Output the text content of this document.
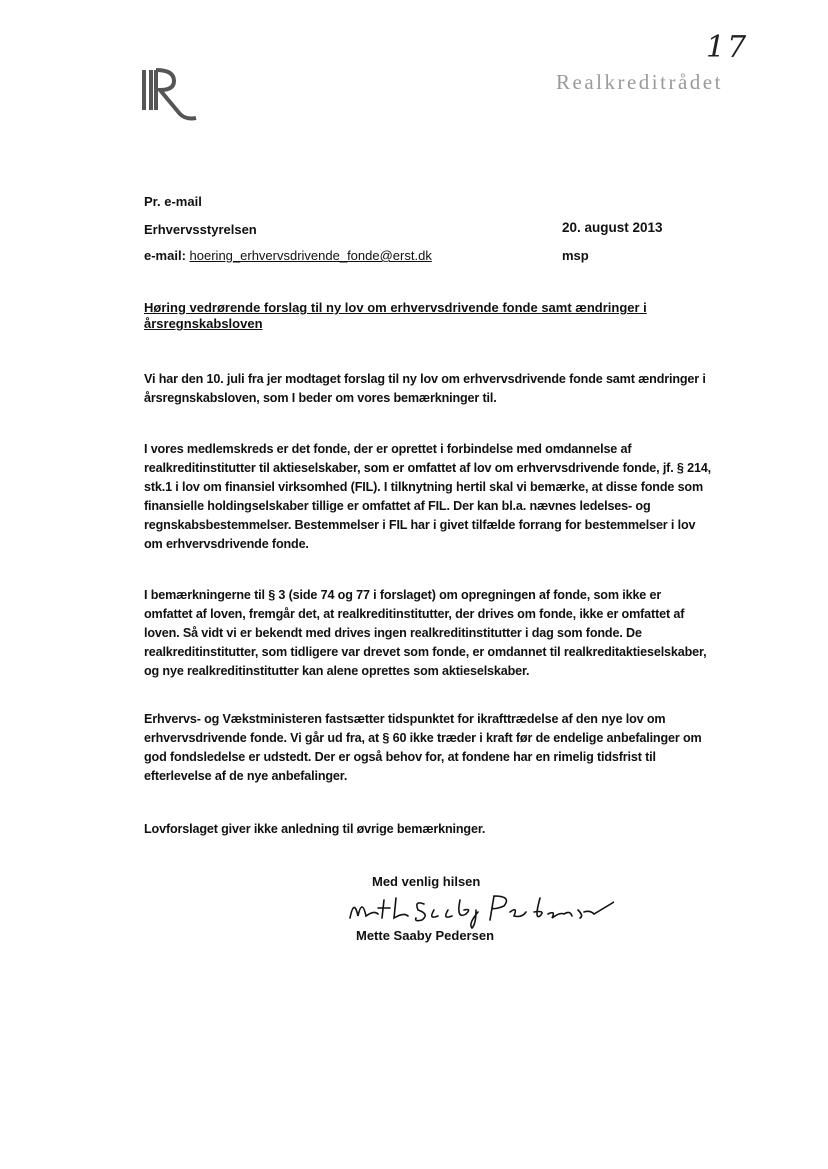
17
Realkreditrådet
Pr. e-mail
Erhvervsstyrelsen	20. august 2013
e-mail: hoering_erhvervsdrivende_fonde@erst.dk	msp
Høring vedrørende forslag til ny lov om erhvervsdrivende fonde samt ændringer i årsregnskabsloven
Vi har den 10. juli fra jer modtaget forslag til ny lov om erhvervsdrivende fonde samt ændringer i årsregnskabsloven, som I beder om vores bemærkninger til.
I vores medlemskreds er det fonde, der er oprettet i forbindelse med omdannelse af realkreditinstitutter til aktieselskaber, som er omfattet af lov om erhvervsdrivende fonde, jf. § 214, stk.1 i lov om finansiel virksomhed (FIL). I tilknytning hertil skal vi bemærke, at disse fonde som finansielle holdingselskaber tillige er omfattet af FIL. Der kan bl.a. nævnes ledelses- og regnskabsbestemmelser. Bestemmelser i FIL har i givet tilfælde forrang for bestemmelser i lov om erhvervsdrivende fonde.
I bemærkningerne til § 3 (side 74 og 77 i forslaget) om opregningen af fonde, som ikke er omfattet af loven, fremgår det, at realkreditinstitutter, der drives om fonde, ikke er omfattet af loven. Så vidt vi er bekendt med drives ingen realkreditinstitutter i dag som fonde. De realkreditinstitutter, som tidligere var drevet som fonde, er omdannet til realkreditaktieselskaber, og nye realkreditinstitutter kan alene oprettes som aktieselskaber.
Erhvervs- og Vækstministeren fastsætter tidspunktet for ikrafttrædelse af den nye lov om erhvervsdrivende fonde. Vi går ud fra, at § 60 ikke træder i kraft før de endelige anbefalinger om god fondsledelse er udstedt. Der er også behov for, at fondene har en rimelig tidsfrist til efterlevelse af de nye anbefalinger.
Lovforslaget giver ikke anledning til øvrige bemærkninger.
Med venlig hilsen
Mette Saaby Pedersen
